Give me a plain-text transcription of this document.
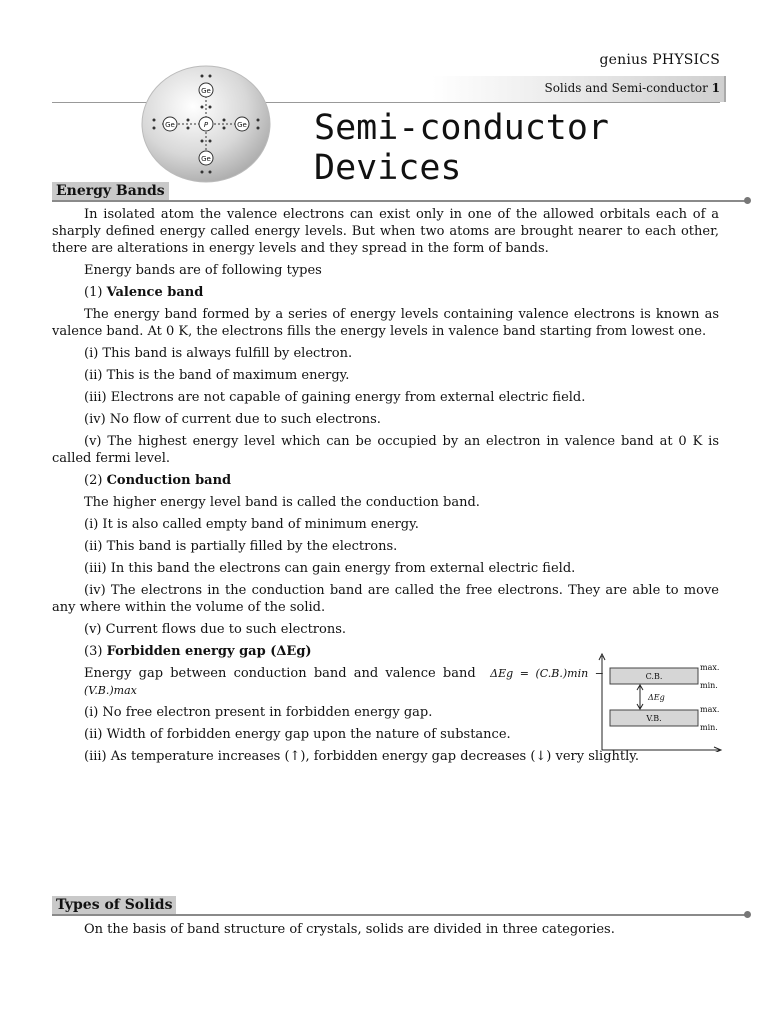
genius PHYSICS
Solids and Semi-conductor 1
Ge
Ge
Ge	Ge
P	Semi-conductor Devices
Energy Bands

In isolated atom the valence electrons can exist only in one of the allowed orbitals each of a sharply defined energy called energy levels. But when two atoms are brought nearer to each other, there are alterations in energy levels and they spread in the form of bands.

Energy bands are of following types

(1) Valence band

The energy band formed by a series of energy levels containing valence electrons is known as valence band. At 0 K, the electrons fills the energy levels in valence band starting from lowest one.

(i) This band is always fulfill by electron.

(ii) This is the band of maximum energy.

(iii) Electrons are not capable of gaining energy from external electric field.

(iv) No flow of current due to such electrons.

(v) The highest energy level which can be occupied by an electron in valence band at 0 K is called fermi level.

(2) Conduction band

The higher energy level band is called the conduction band.

(i) It is also called empty band of minimum energy.

(ii) This band is partially filled by the electrons.

(iii) In this band the electrons can gain energy from external electric field.

(iv) The electrons in the conduction band are called the free electrons. They are able to move any where within the volume of the solid.

(v) Current flows due to such electrons.

(3) Forbidden energy gap (ΔEg)

Energy gap between conduction band and valence band ΔEg = (C.B.)min − (V.B.)max

(i) No free electron present in forbidden energy gap.

(ii) Width of forbidden energy gap upon the nature of substance.

(iii) As temperature increases (↑), forbidden energy gap decreases (↓) very slightly.

C.B.
V.B.
ΔEg
max.
min.
max.
min.
Types of Solids

On the basis of band structure of crystals, solids are divided in three categories.
